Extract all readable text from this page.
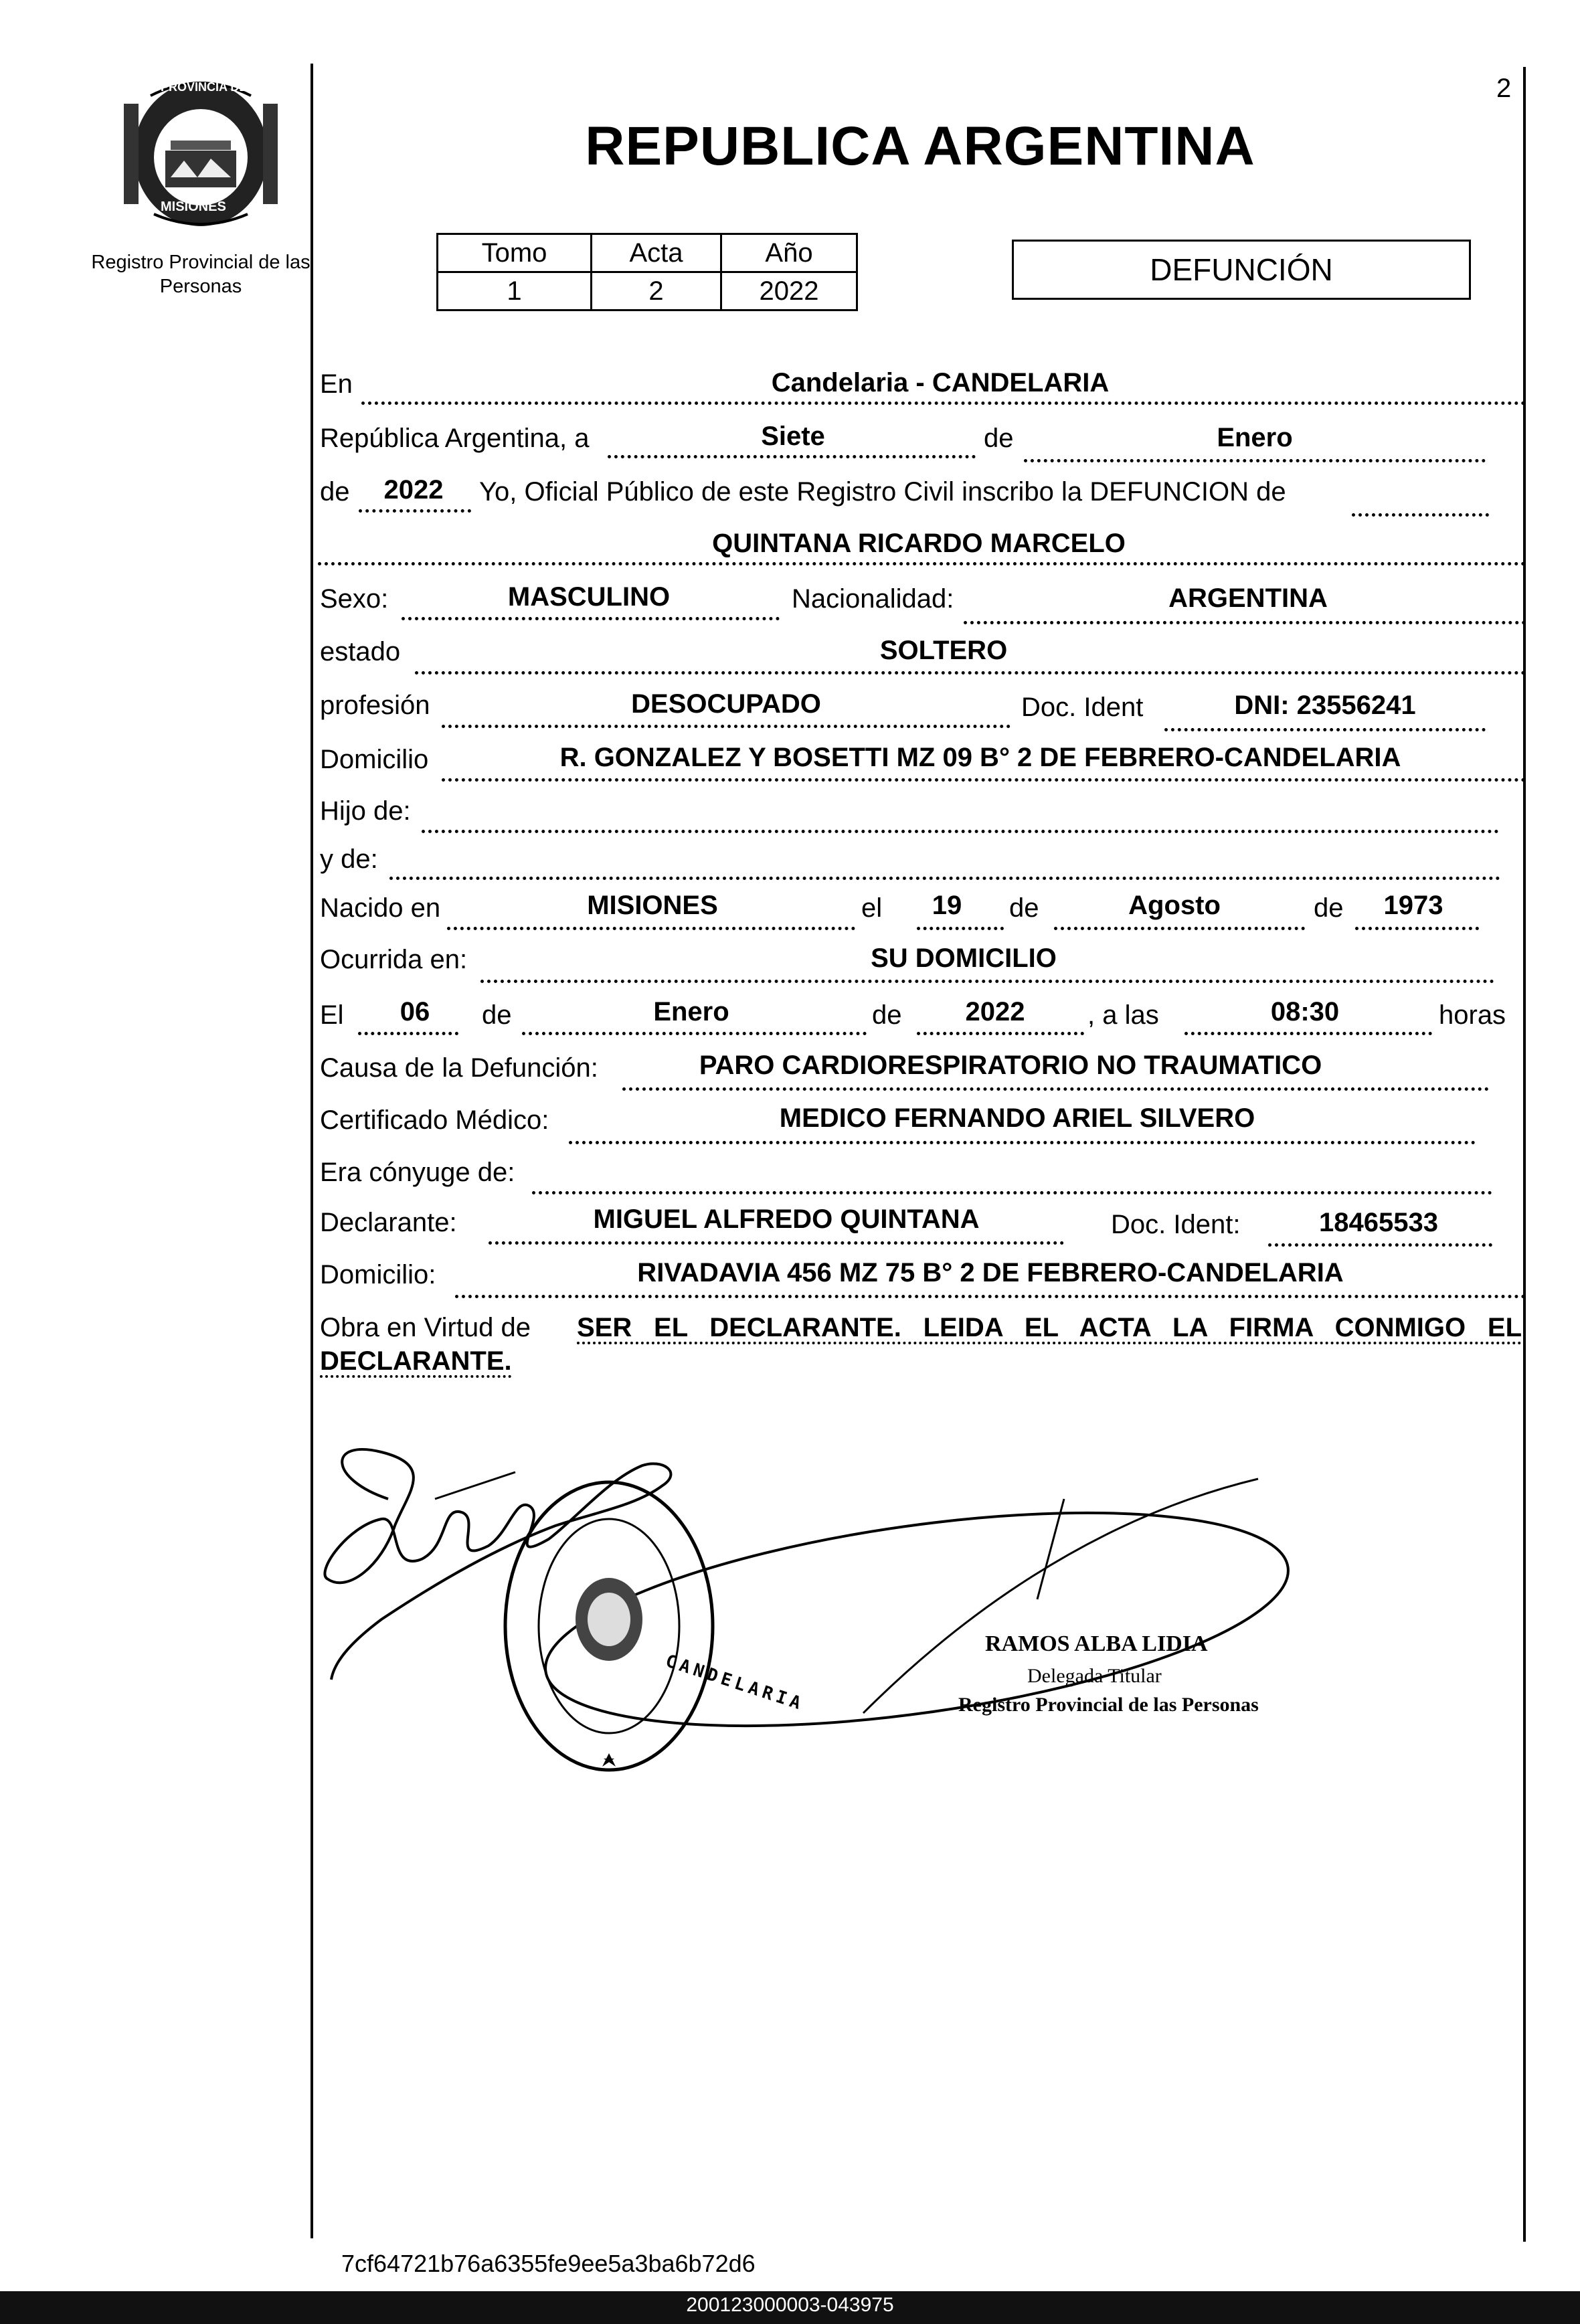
PROVINCIA DE
MISIONES
Registro Provincial de las Personas
2
REPUBLICA ARGENTINA
Tomo	Acta	Año
1	2	2022
DEFUNCIÓN
En	Candelaria - CANDELARIA
República Argentina, a	Siete	de	Enero
de 2022 Yo, Oficial Público de este Registro Civil inscribo la DEFUNCION de
QUINTANA RICARDO MARCELO
Sexo:	MASCULINO	Nacionalidad:	ARGENTINA
estado	SOLTERO
profesión	DESOCUPADO	Doc. Ident	DNI: 23556241
Domicilio	R. GONZALEZ Y BOSETTI MZ 09 B° 2 DE FEBRERO-CANDELARIA
Hijo de:
y de:
Nacido en	MISIONES	el 19 de	Agosto	de 1973
Ocurrida en:	SU DOMICILIO
El 06 de	Enero	de 2022 , a las	08:30	horas
Causa de la Defunción:	PARO CARDIORESPIRATORIO NO TRAUMATICO
Certificado Médico:	MEDICO FERNANDO ARIEL SILVERO
Era cónyuge de:
Declarante:	MIGUEL ALFREDO QUINTANA	Doc. Ident:	18465533
Domicilio:	RIVADAVIA 456 MZ 75 B° 2 DE FEBRERO-CANDELARIA
Obra en Virtud de SER EL DECLARANTE. LEIDA EL ACTA LA FIRMA CONMIGO EL
DECLARANTE.
CANDELARIA
RAMOS ALBA LIDIA
Delegada Titular
Registro Provincial de las Personas
7cf64721b76a6355fe9ee5a3ba6b72d6
200123000003-043975
